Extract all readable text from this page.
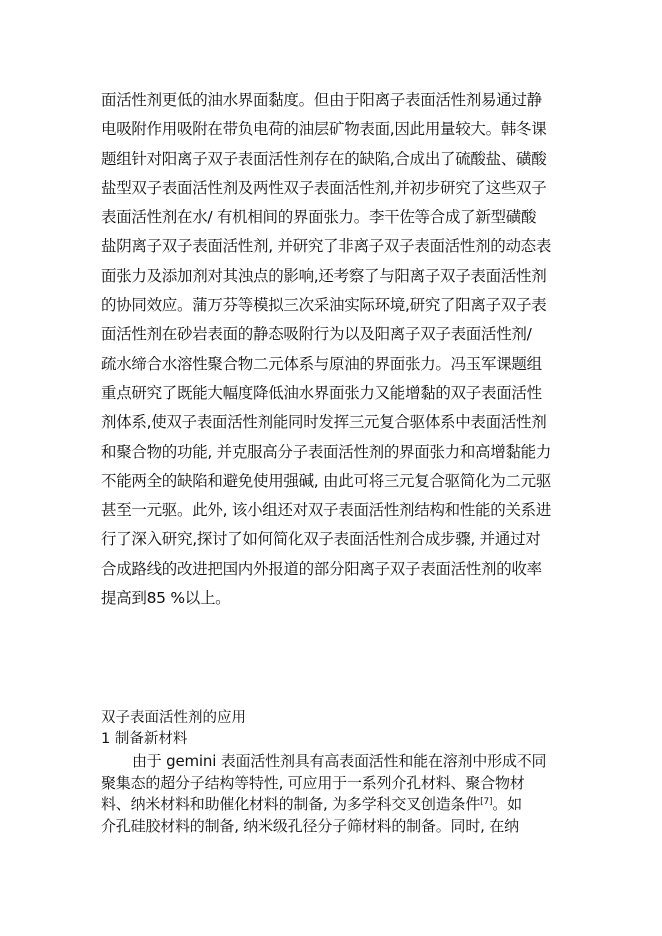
面活性剂更低的油水界面黏度。但由于阳离子表面活性剂易通过静
电吸附作用吸附在带负电荷的油层矿物表面,因此用量较大。韩冬课
题组针对阳离子双子表面活性剂存在的缺陷,合成出了硫酸盐、磺酸
盐型双子表面活性剂及两性双子表面活性剂,并初步研究了这些双子
表面活性剂在水/ 有机相间的界面张力。李干佐等合成了新型磺酸
盐阴离子双子表面活性剂, 并研究了非离子双子表面活性剂的动态表
面张力及添加剂对其浊点的影响,还考察了与阳离子双子表面活性剂
的协同效应。蒲万芬等模拟三次采油实际环境,研究了阳离子双子表
面活性剂在砂岩表面的静态吸附行为以及阳离子双子表面活性剂/
疏水缔合水溶性聚合物二元体系与原油的界面张力。冯玉军课题组
重点研究了既能大幅度降低油水界面张力又能增黏的双子表面活性
剂体系,使双子表面活性剂能同时发挥三元复合驱体系中表面活性剂
和聚合物的功能, 并克服高分子表面活性剂的界面张力和高增黏能力
不能两全的缺陷和避免使用强碱, 由此可将三元复合驱简化为二元驱
甚至一元驱。此外, 该小组还对双子表面活性剂结构和性能的关系进
行了深入研究,探讨了如何简化双子表面活性剂合成步骤, 并通过对
合成路线的改进把国内外报道的部分阳离子双子表面活性剂的收率
提高到85 %以上。
双子表面活性剂的应用
1 制备新材料
由于 gemini 表面活性剂具有高表面活性和能在溶剂中形成不同
聚集态的超分子结构等特性, 可应用于一系列介孔材料、聚合物材
料、纳米材料和助催化材料的制备, 为多学科交叉创造条件[7]。如
介孔硅胶材料的制备, 纳米级孔径分子筛材料的制备。同时, 在纳
